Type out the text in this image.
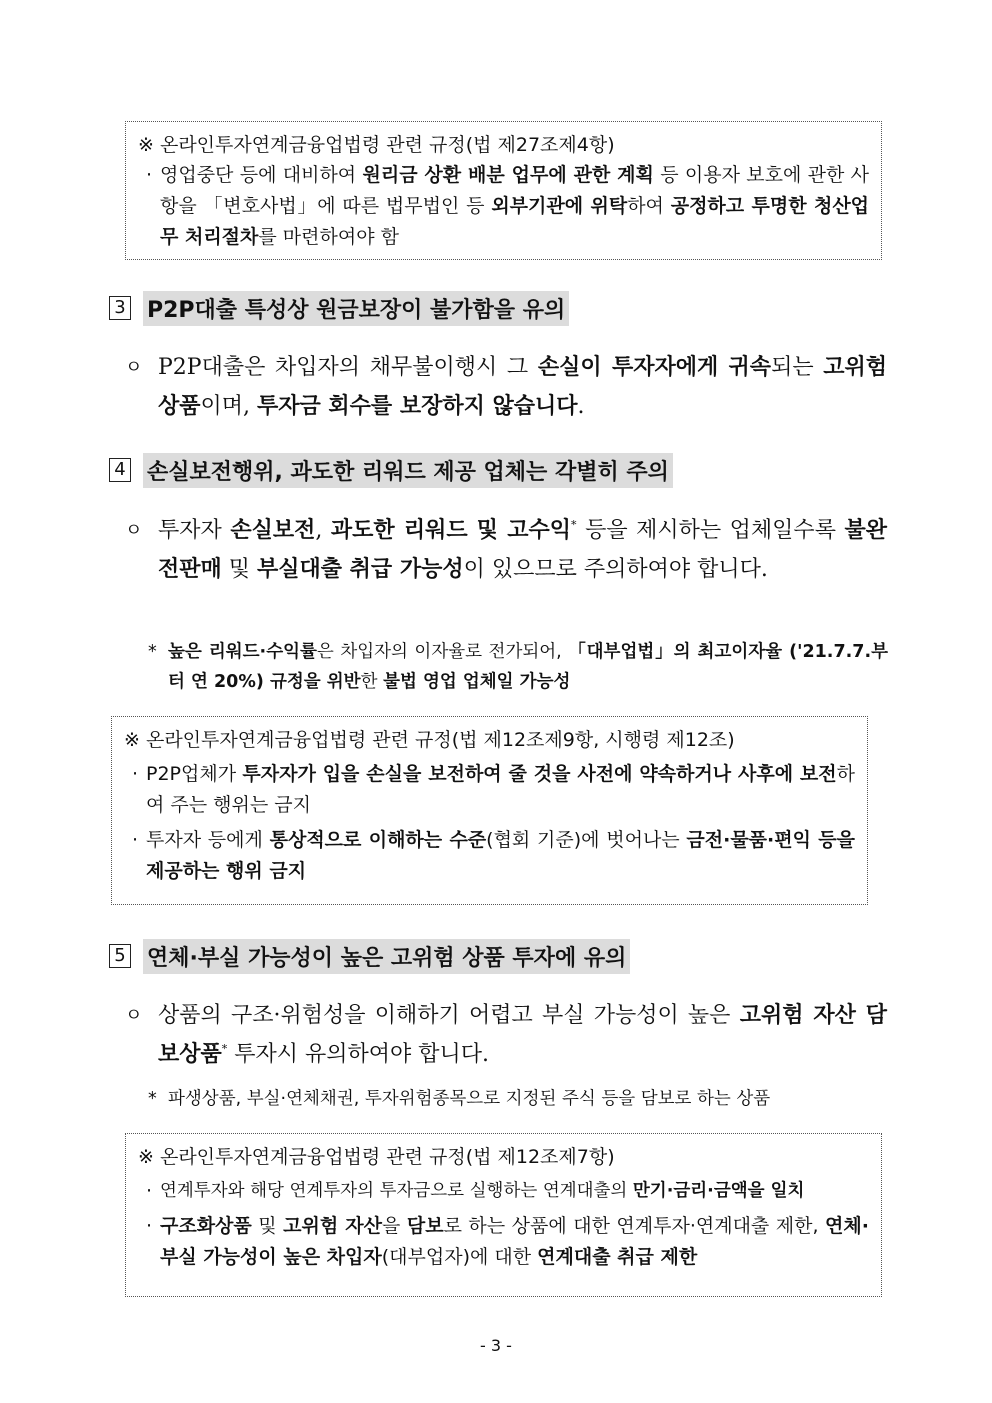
※ 온라인투자연계금융업법령 관련 규정(법 제27조제4항)
· 영업중단 등에 대비하여 원리금 상환 배분 업무에 관한 계획 등 이용자 보호에 관한 사항을 「변호사법」에 따른 법무법인 등 외부기관에 위탁하여 공정하고 투명한 청산업무 처리절차를 마련하여야 함
3 P2P대출 특성상 원금보장이 불가함을 유의
ㅇ P2P대출은 차입자의 채무불이행시 그 손실이 투자자에게 귀속되는 고위험 상품이며, 투자금 회수를 보장하지 않습니다.
4 손실보전행위, 과도한 리워드 제공 업체는 각별히 주의
ㅇ 투자자 손실보전, 과도한 리워드 및 고수익* 등을 제시하는 업체일수록 불완전판매 및 부실대출 취급 가능성이 있으므로 주의하여야 합니다.
* 높은 리워드·수익률은 차입자의 이자율로 전가되어, 「대부업법」의 최고이자율 ('21.7.7.부터 연 20%) 규정을 위반한 불법 영업 업체일 가능성
※ 온라인투자연계금융업법령 관련 규정(법 제12조제9항, 시행령 제12조)
· P2P업체가 투자자가 입을 손실을 보전하여 줄 것을 사전에 약속하거나 사후에 보전하여 주는 행위는 금지
· 투자자 등에게 통상적으로 이해하는 수준(협회 기준)에 벗어나는 금전·물품·편익 등을 제공하는 행위 금지
5 연체·부실 가능성이 높은 고위험 상품 투자에 유의
ㅇ 상품의 구조·위험성을 이해하기 어렵고 부실 가능성이 높은 고위험 자산 담보상품* 투자시 유의하여야 합니다.
* 파생상품, 부실·연체채권, 투자위험종목으로 지정된 주식 등을 담보로 하는 상품
※ 온라인투자연계금융업법령 관련 규정(법 제12조제7항)
· 연계투자와 해당 연계투자의 투자금으로 실행하는 연계대출의 만기·금리·금액을 일치
· 구조화상품 및 고위험 자산을 담보로 하는 상품에 대한 연계투자·연계대출 제한, 연체·부실 가능성이 높은 차입자(대부업자)에 대한 연계대출 취급 제한
- 3 -
